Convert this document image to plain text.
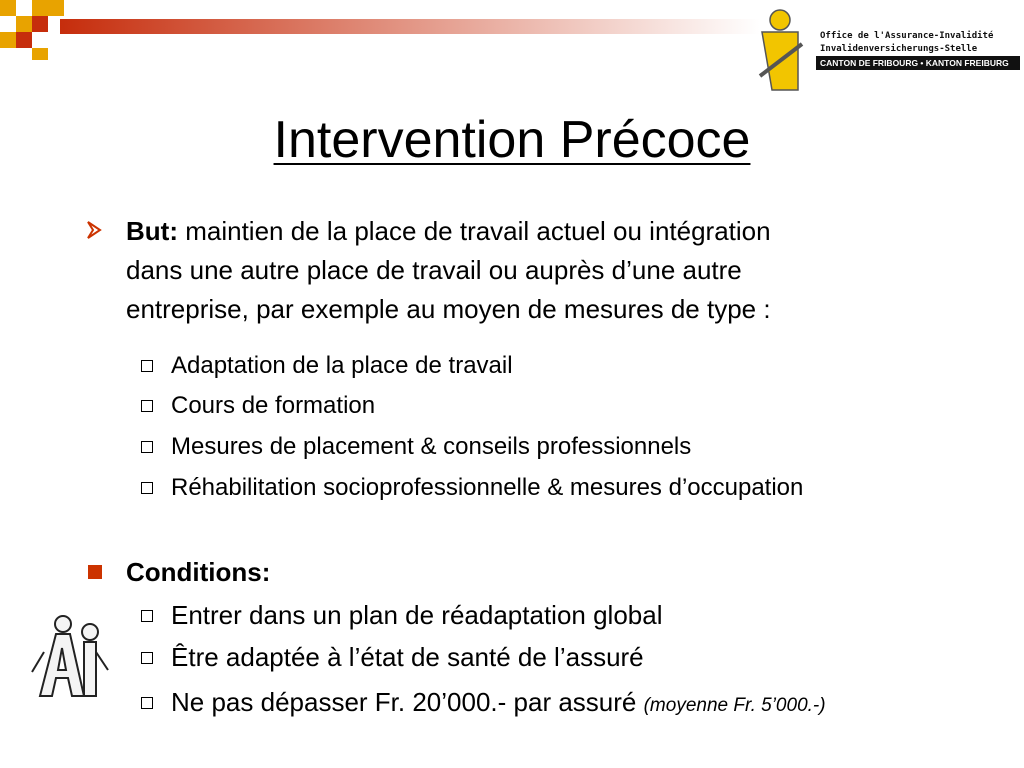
Office de l'Assurance-Invalidité
Invalidenversicherungs-Stelle
CANTON DE FRIBOURG • KANTON FREIBURG
Intervention Précoce
But: maintien de la place de travail actuel ou intégration
dans une autre place de travail ou auprès d’une autre
entreprise, par exemple au moyen de mesures de type :
Adaptation de la place de travail
Cours de formation
Mesures de placement & conseils professionnels
Réhabilitation socioprofessionnelle & mesures d’occupation
Conditions:
Entrer dans un plan de réadaptation global
Être adaptée à l’état de santé de l’assuré
Ne pas dépasser Fr. 20’000.- par assuré (moyenne Fr. 5’000.-)
